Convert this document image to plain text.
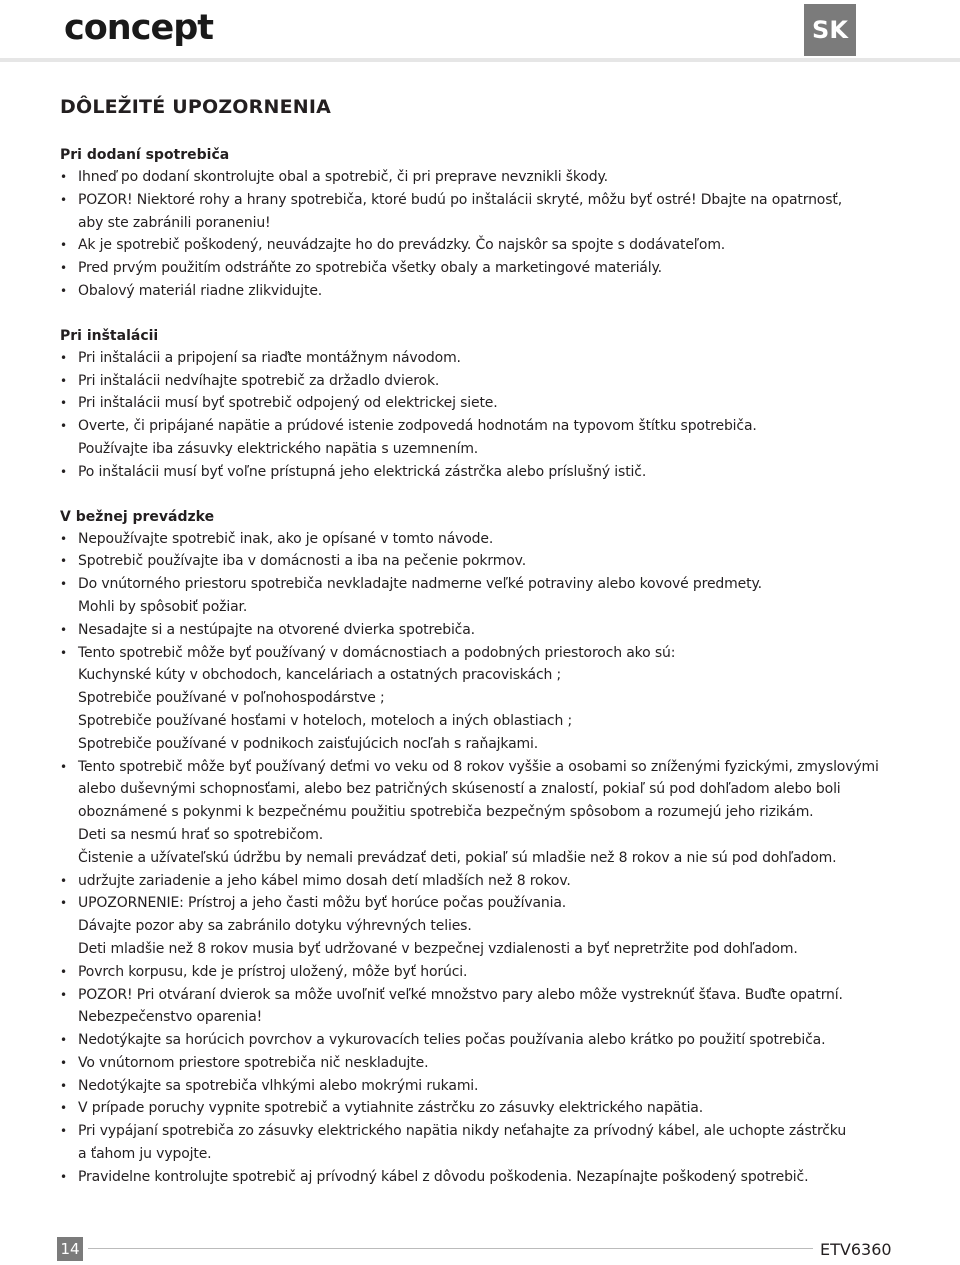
concept	SK
DÔLEŽITÉ UPOZORNENIA
Pri dodaní spotrebiča
• Ihneď po dodaní skontrolujte obal a spotrebič, či pri preprave nevznikli škody.
• POZOR! Niektoré rohy a hrany spotrebiča, ktoré budú po inštalácii skryté, môžu byť ostré! Dbajte na opatrnosť,
aby ste zabránili poraneniu!
• Ak je spotrebič poškodený, neuvádzajte ho do prevádzky. Čo najskôr sa spojte s dodávateľom.
• Pred prvým použitím odstráňte zo spotrebiča všetky obaly a marketingové materiály.
• Obalový materiál riadne zlikvidujte.
Pri inštalácii
• Pri inštalácii a pripojení sa riaďte montážnym návodom.
• Pri inštalácii nedvíhajte spotrebič za držadlo dvierok.
• Pri inštalácii musí byť spotrebič odpojený od elektrickej siete.
• Overte, či pripájané napätie a prúdové istenie zodpovedá hodnotám na typovom štítku spotrebiča.
Používajte iba zásuvky elektrického napätia s uzemnením.
• Po inštalácii musí byť voľne prístupná jeho elektrická zástrčka alebo príslušný istič.
V bežnej prevádzke
• Nepoužívajte spotrebič inak, ako je opísané v tomto návode.
• Spotrebič používajte iba v domácnosti a iba na pečenie pokrmov.
• Do vnútorného priestoru spotrebiča nevkladajte nadmerne veľké potraviny alebo kovové predmety.
Mohli by spôsobiť požiar.
• Nesadajte si a nestúpajte na otvorené dvierka spotrebiča.
• Tento spotrebič môže byť používaný v domácnostiach a podobných priestoroch ako sú:
Kuchynské kúty v obchodoch, kanceláriach a ostatných pracoviskách ;
Spotrebiče používané v poľnohospodárstve ;
Spotrebiče používané hosťami v hoteloch, moteloch a iných oblastiach ;
Spotrebiče používané v podnikoch zaisťujúcich nocľah s raňajkami.
• Tento spotrebič môže byť používaný deťmi vo veku od 8 rokov vyššie a osobami so zníženými fyzickými, zmyslovými
alebo duševnými schopnosťami, alebo bez patričných skúseností a znalostí, pokiaľ sú pod dohľadom alebo boli
oboznámené s pokynmi k bezpečnému použitiu spotrebiča bezpečným spôsobom a rozumejú jeho rizikám.
Deti sa nesmú hrať so spotrebičom.
Čistenie a užívateľskú údržbu by nemali prevádzať deti, pokiaľ sú mladšie než 8 rokov a nie sú pod dohľadom.
• udržujte zariadenie a jeho kábel mimo dosah detí mladších než 8 rokov.
• UPOZORNENIE: Prístroj a jeho časti môžu byť horúce počas používania.
Dávajte pozor aby sa zabránilo dotyku výhrevných telies.
Deti mladšie než 8 rokov musia byť udržované v bezpečnej vzdialenosti a byť nepretržite pod dohľadom.
• Povrch korpusu, kde je prístroj uložený, môže byť horúci.
• POZOR! Pri otváraní dvierok sa môže uvoľniť veľké množstvo pary alebo môže vystreknúť šťava. Buďte opatrní.
Nebezpečenstvo oparenia!
• Nedotýkajte sa horúcich povrchov a vykurovacích telies počas používania alebo krátko po použití spotrebiča.
• Vo vnútornom priestore spotrebiča nič neskladujte.
• Nedotýkajte sa spotrebiča vlhkými alebo mokrými rukami.
• V prípade poruchy vypnite spotrebič a vytiahnite zástrčku zo zásuvky elektrického napätia.
• Pri vypájaní spotrebiča zo zásuvky elektrického napätia nikdy neťahajte za prívodný kábel, ale uchopte zástrčku
a ťahom ju vypojte.
• Pravidelne kontrolujte spotrebič aj prívodný kábel z dôvodu poškodenia. Nezapínajte poškodený spotrebič.
14	ETV6360
